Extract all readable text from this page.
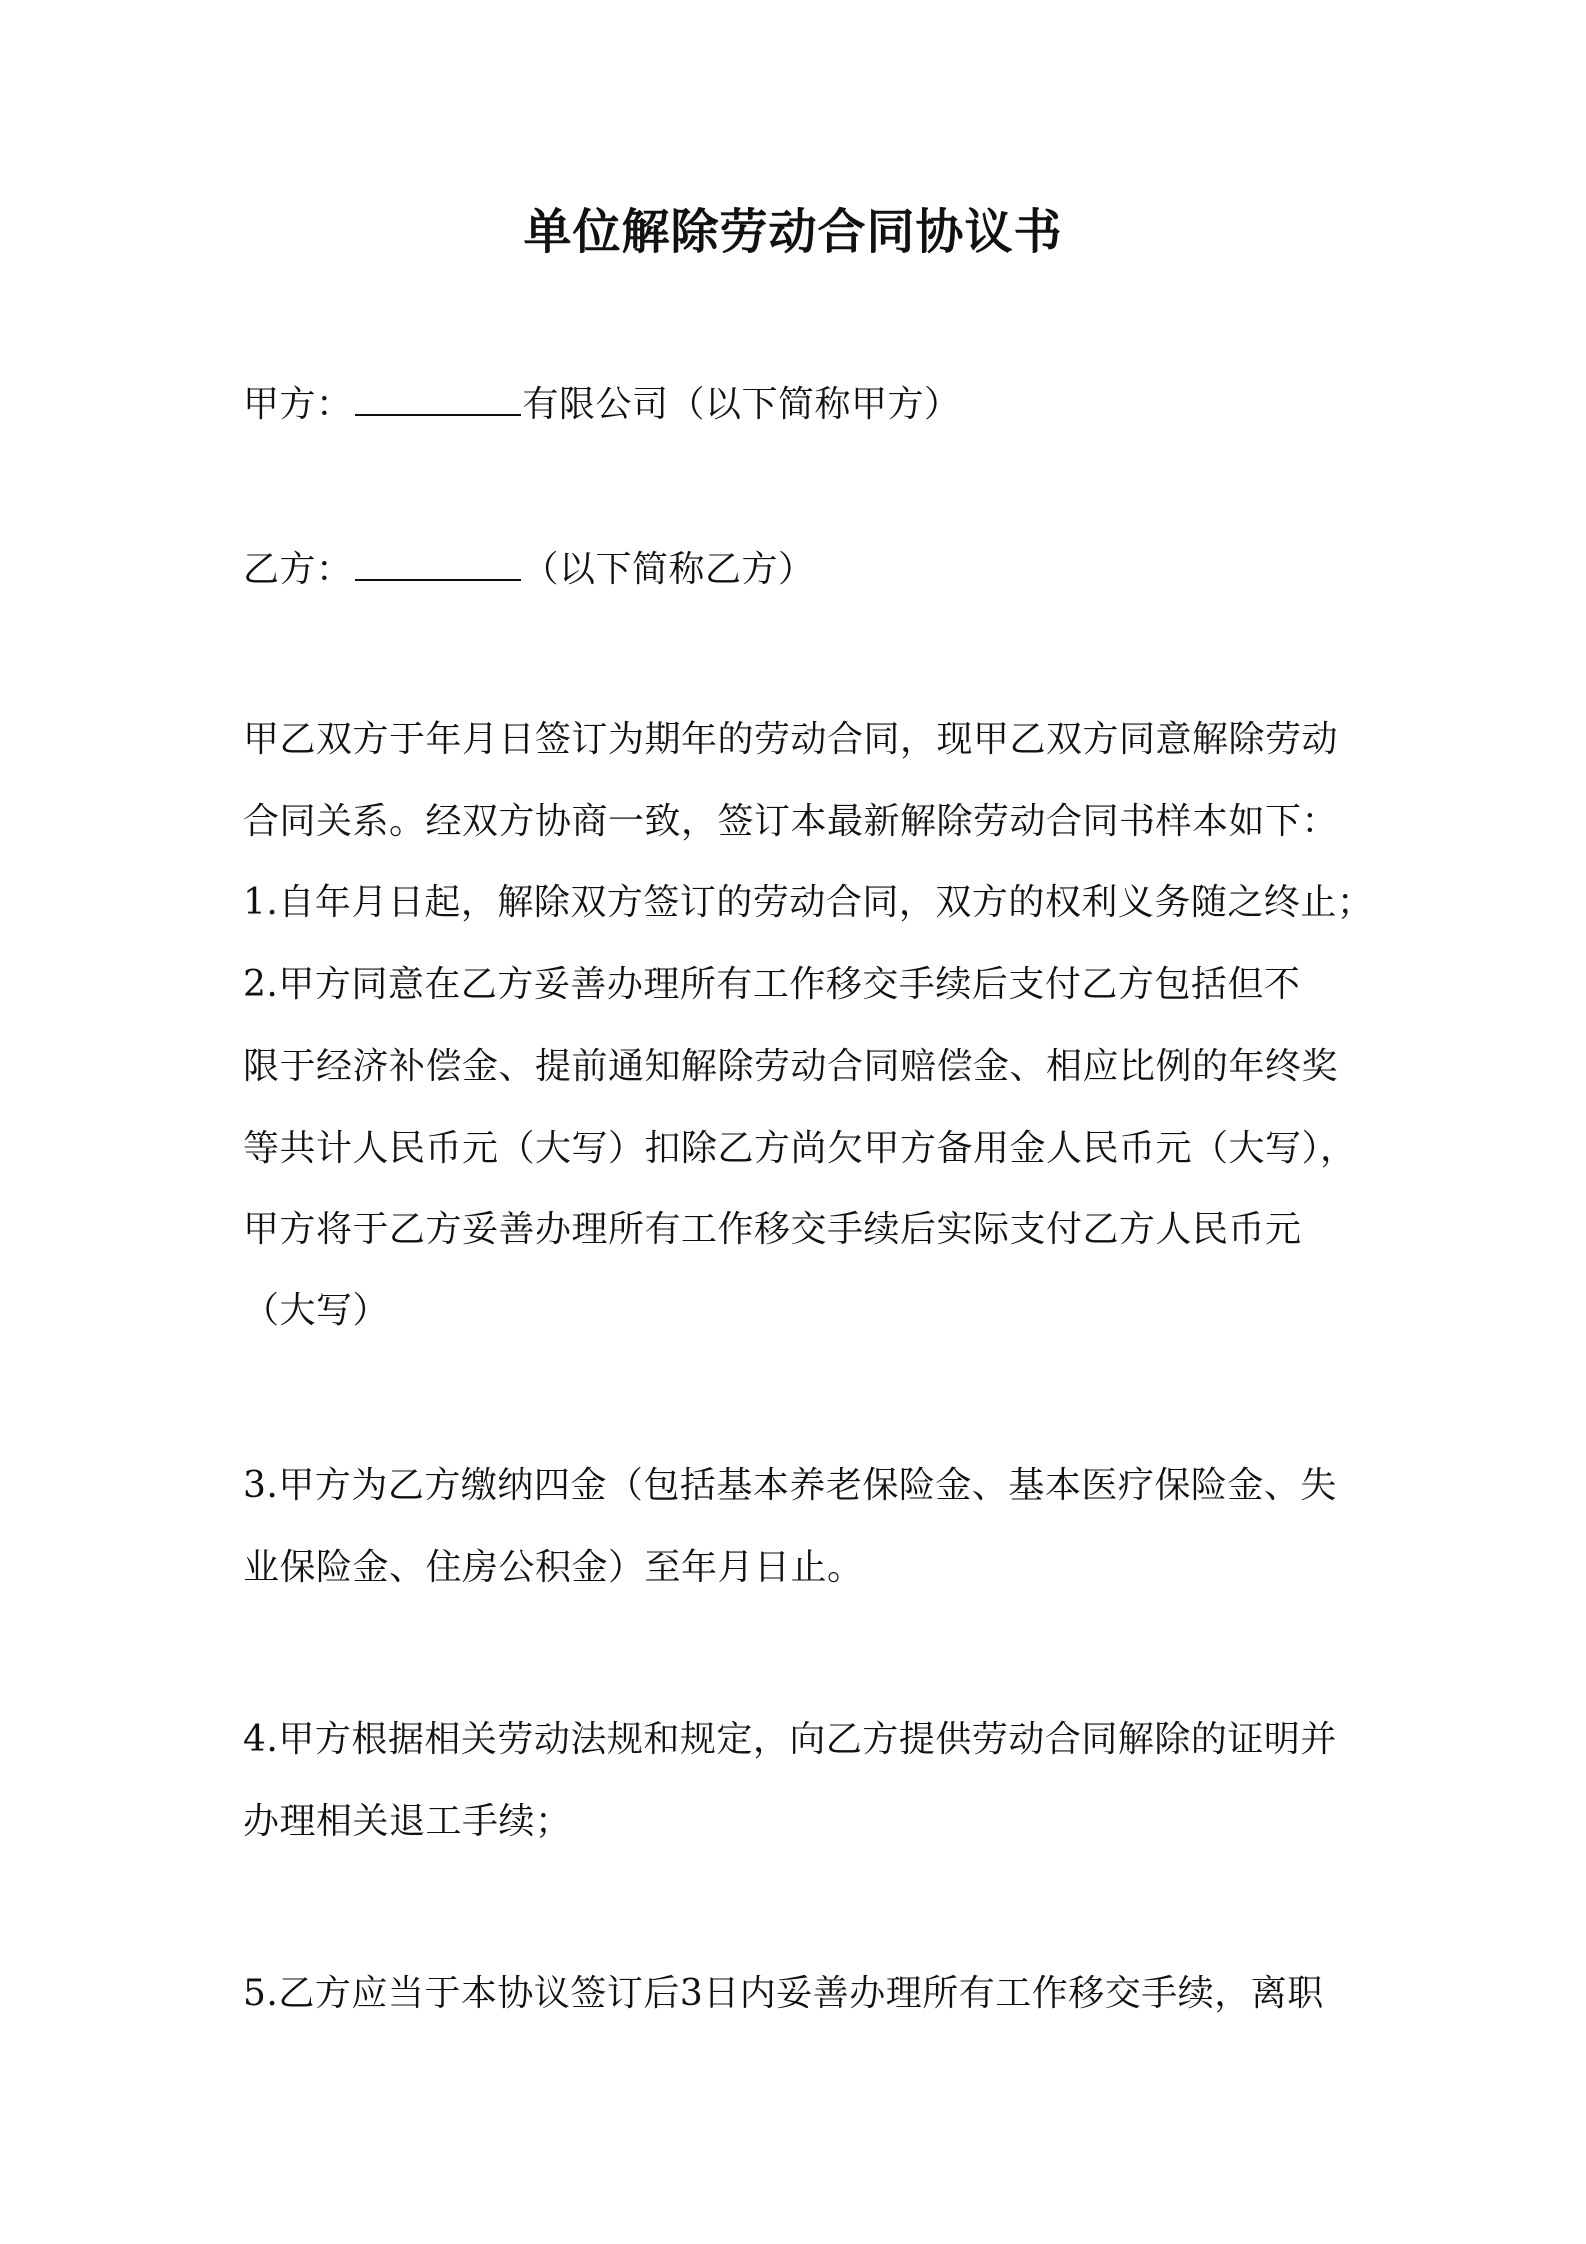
单位解除劳动合同协议书
甲方：	有限公司（以下简称甲方）
乙方：	（以下简称乙方）
甲乙双方于年月日签订为期年的劳动合同，现甲乙双方同意解除劳动
合同关系。经双方协商一致，签订本最新解除劳动合同书样本如下：
1.自年月日起，解除双方签订的劳动合同，双方的权利义务随之终止；
2.甲方同意在乙方妥善办理所有工作移交手续后支付乙方包括但不
限于经济补偿金、提前通知解除劳动合同赔偿金、相应比例的年终奖
等共计人民币元（大写）扣除乙方尚欠甲方备用金人民币元（大写），
甲方将于乙方妥善办理所有工作移交手续后实际支付乙方人民币元
（大写）
3.甲方为乙方缴纳四金（包括基本养老保险金、基本医疗保险金、失
业保险金、住房公积金）至年月日止。
4.甲方根据相关劳动法规和规定，向乙方提供劳动合同解除的证明并
办理相关退工手续；
5.乙方应当于本协议签订后3日内妥善办理所有工作移交手续，离职
